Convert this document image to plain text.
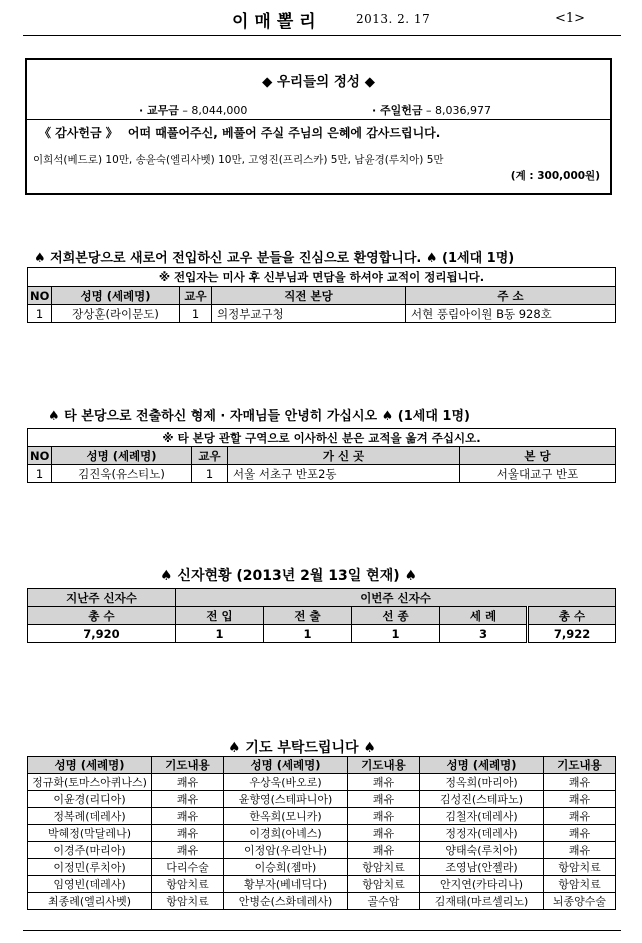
이매뽈리	2013. 2. 17	<1>
◆ 우리들의 정성 ◆
· 교무금 – 8,044,000	· 주일헌금 – 8,036,977
《 감사헌금 》 어떠 때풀어주신, 베풀어 주실 주님의 은혜에 감사드립니다.
이희석(베드로) 10만, 송윤숙(엘리사벳) 10만, 고영진(프리스카) 5만, 남윤경(루치아) 5만
(계 : 300,000원)
♠ 저희본당으로 새로어 전입하신 교우 분들을 진심으로 환영합니다. ♠ (1세대 1명)
※ 전입자는 미사 후 신부님과 면담을 하셔야 교적이 정리됩니다.				
NO	성명 (세례명)	교우	직전 본당	주 소
1	장상훈(라이문도)	1	의정부교구청	서현 풍림아이원 B동 928호
♠ 타 본당으로 전출하신 형제 · 자매님들 안녕히 가십시오 ♠ (1세대 1명)
※ 타 본당 관할 구역으로 이사하신 분은 교적을 옮겨 주십시오.				
NO	성명 (세례명)	교우	가 신 곳	본 당
1	김진욱(유스티노)	1	서울 서초구 반포2동	서울대교구 반포
♠ 신자현황 (2013년 2월 13일 현재) ♠
지난주 신자수	이번주 신자수				
총 수	전 입	전 출	선 종	세 례	총 수
7,920	1	1	1	3	7,922
♠ 기도 부탁드립니다 ♠
성명 (세례명)	기도내용	성명 (세례명)	기도내용	성명 (세례명)	기도내용
정규화(토마스아퀴나스)	쾌유	우상욱(바오로)	쾌유	정옥희(마리아)	쾌유
이윤경(리디아)	쾌유	윤향영(스테파니아)	쾌유	김성진(스테파노)	쾌유
정복례(데레사)	쾌유	한옥희(모니카)	쾌유	김철자(데레사)	쾌유
박혜정(막달레나)	쾌유	이경희(아녜스)	쾌유	정정자(데레사)	쾌유
이경주(마리아)	쾌유	이정암(우리안나)	쾌유	양태숙(루치아)	쾌유
이정민(루치아)	다리수술	이승희(젬마)	항암치료	조영남(안젤라)	항암치료
임영빈(데레사)	항암치료	황부자(베네딕다)	항암치료	안지연(카타리나)	항암치료
최종례(엘리사벳)	항암치료	안병순(스화데레사)	골수암	김재태(마르셀리노)	뇌종양수술
